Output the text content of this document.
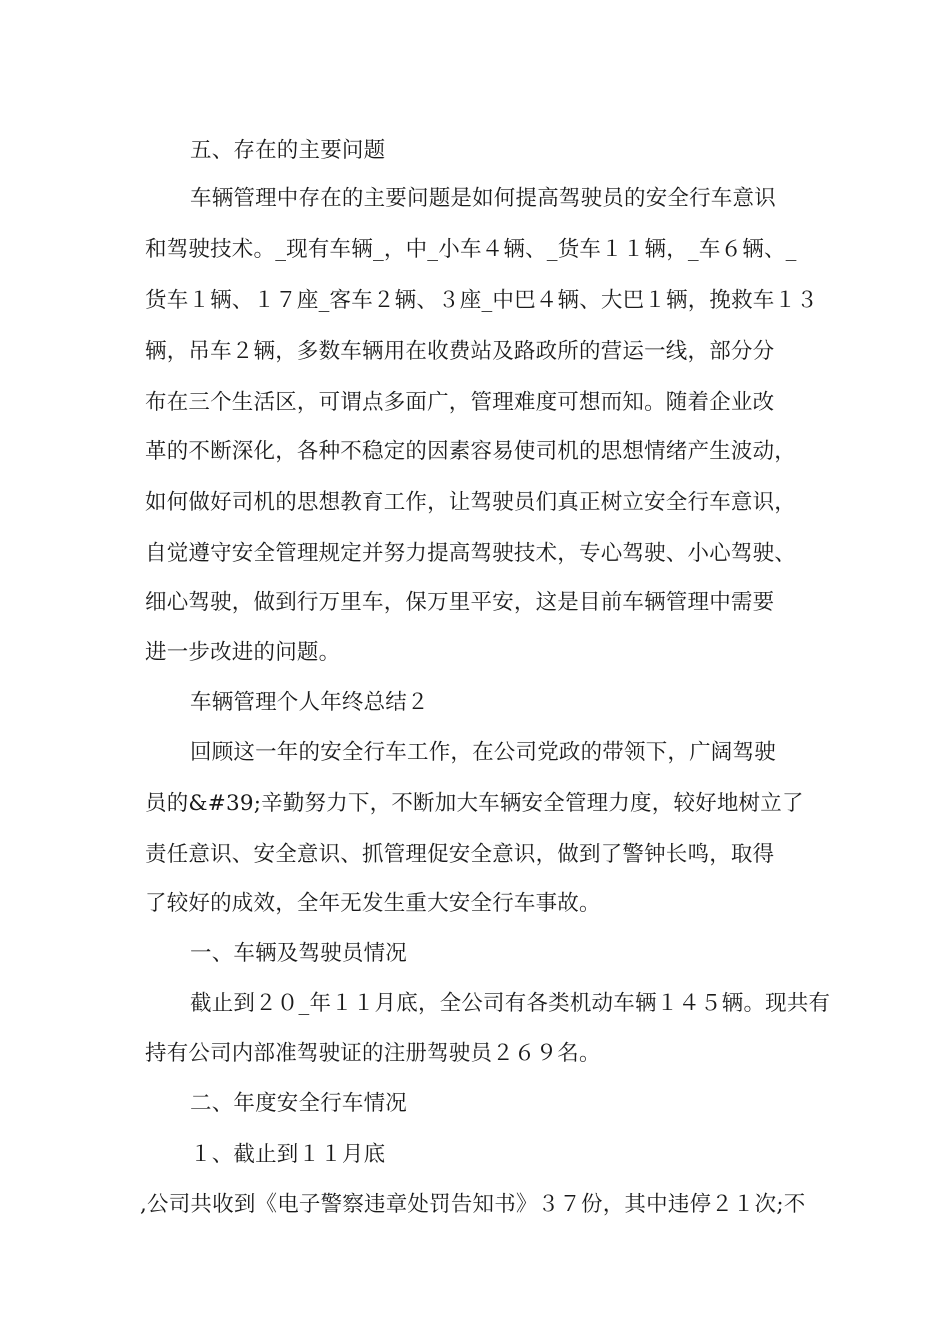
五、存在的主要问题
车辆管理中存在的主要问题是如何提高驾驶员的安全行车意识
和驾驶技术。_现有车辆_，中_小车４辆、_货车１１辆，_车６辆、_
货车１辆、１７座_客车２辆、３座_中巴４辆、大巴１辆，挽救车１３
辆，吊车２辆，多数车辆用在收费站及路政所的营运一线，部分分
布在三个生活区，可谓点多面广，管理难度可想而知。随着企业改
革的不断深化，各种不稳定的因素容易使司机的思想情绪产生波动，
如何做好司机的思想教育工作，让驾驶员们真正树立安全行车意识，
自觉遵守安全管理规定并努力提高驾驶技术，专心驾驶、小心驾驶、
细心驾驶，做到行万里车，保万里平安，这是目前车辆管理中需要
进一步改进的问题。
车辆管理个人年终总结２
回顾这一年的安全行车工作，在公司党政的带领下，广阔驾驶
员的&#39;辛勤努力下，不断加大车辆安全管理力度，较好地树立了
责任意识、安全意识、抓管理促安全意识，做到了警钟长鸣，取得
了较好的成效，全年无发生重大安全行车事故。
一、车辆及驾驶员情况
截止到２０_年１１月底，全公司有各类机动车辆１４５辆。现共有
持有公司内部准驾驶证的注册驾驶员２６９名。
二、年度安全行车情况
１、截止到１１月底
,公司共收到《电子警察违章处罚告知书》３７份，其中违停２１次;不
